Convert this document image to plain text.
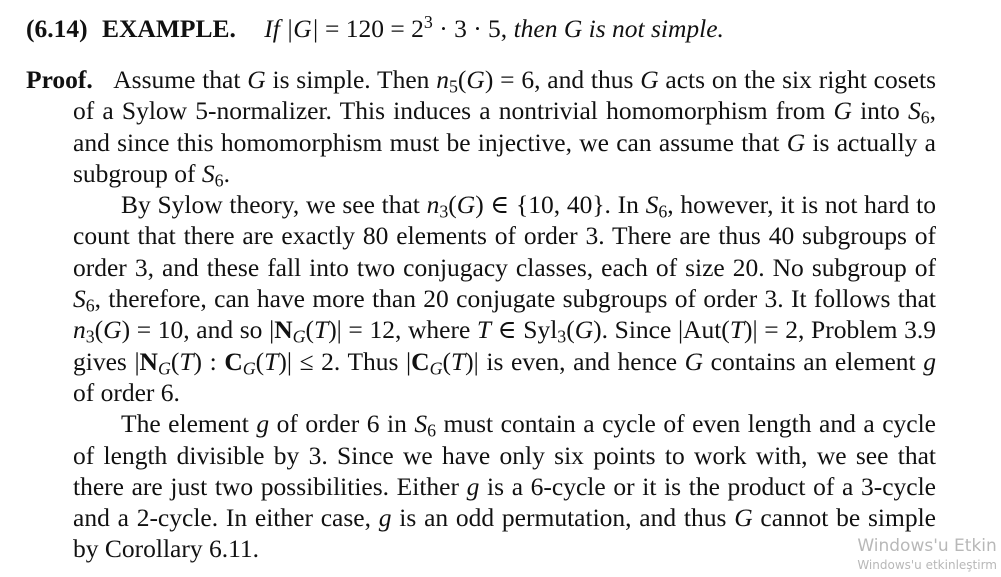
(6.14) EXAMPLE. If $|G| = 120 = 2^3 \cdot 3 \cdot 5$, then G is not simple.

Proof.   Assume that G is simple. Then $n_5(G) = 6$, and thus G acts on the six right cosets of a Sylow 5-normalizer. This induces a nontrivial homomorphism from G into $S_6$, and since this homomorphism must be injective, we can assume that G is actually a subgroup of $S_6$.

By Sylow theory, we see that $n_3(G)$ ∈ {10, 40}. In $S_6$, however, it is not hard to count that there are exactly 80 elements of order 3. There are thus 40 subgroups of order 3, and these fall into two conjugacy classes, each of size 20. No subgroup of $S_6$, therefore, can have more than 20 conjugate subgroups of order 3. It follows that $n_3(G) = 10$, and so $|N_G(T)| = 12$, where T ∈ Syl$_3$(G). Since |Aut(T)| = 2, Problem 3.9 gives $|N_G(T)$ : $C_G(T)| \le 2$. Thus $|C_G(T)|$ is even, and hence G contains an element g of order 6.

The element g of order 6 in $S_6$ must contain a cycle of even length and a cycle of length divisible by 3. Since we have only six points to work with, we see that there are just two possibilities. Either g is a 6-cycle or it is the product of a 3-cycle and a 2-cycle. In either case, g is an odd permutation, and thus G cannot be simple by Corollary 6.11.	Windows'u Etkin
Windows'u etkinleştirm
